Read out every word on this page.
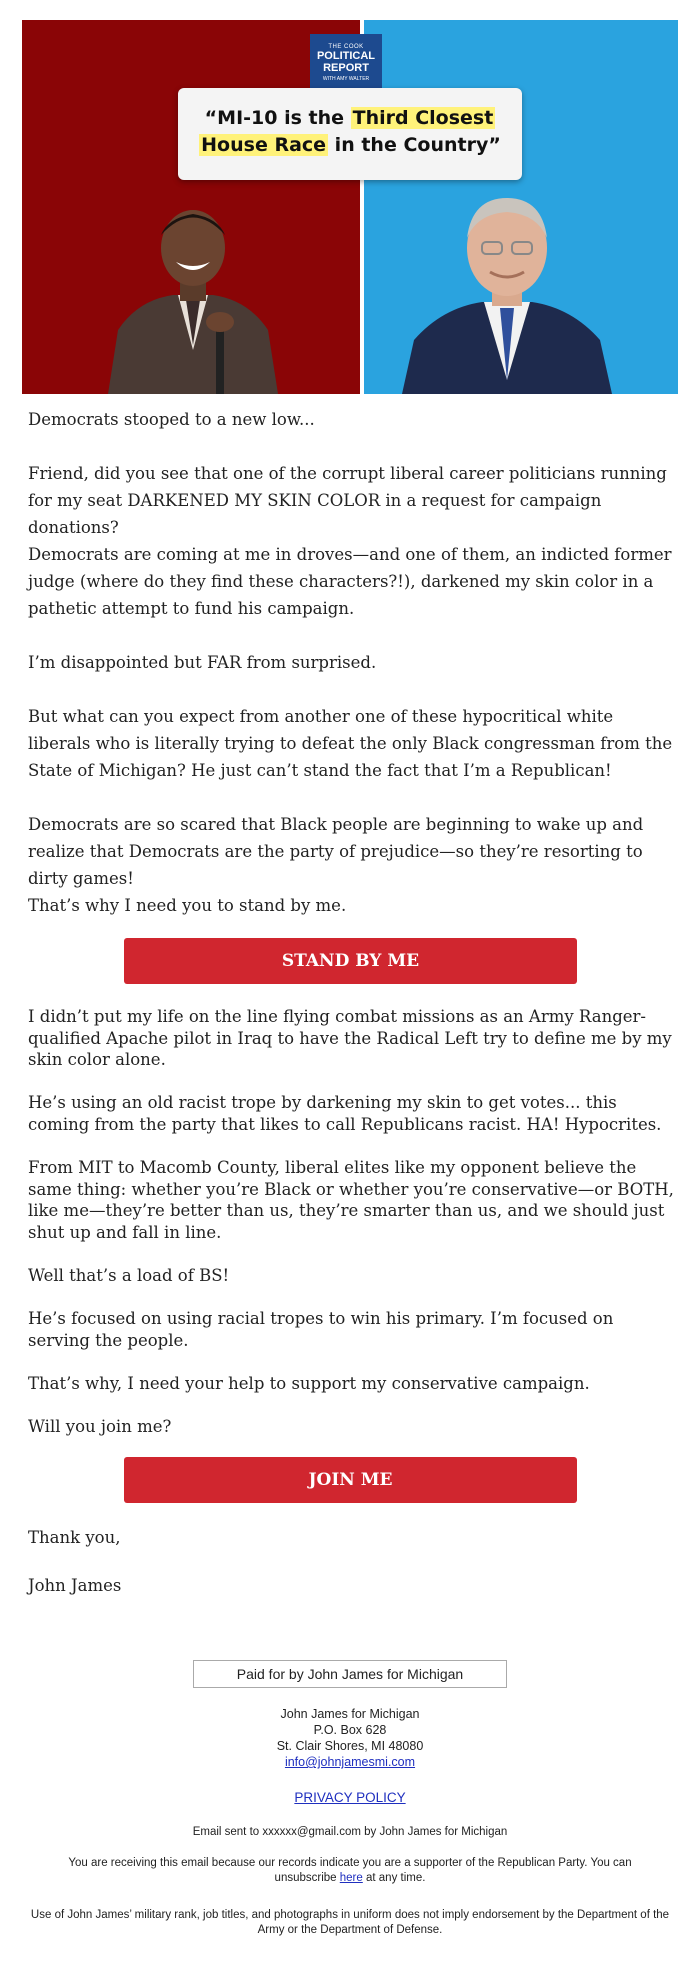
THE COOK
POLITICAL
REPORT
WITH AMY WALTER
“MI-10 is the Third Closest
House Race in the Country”
Democrats stooped to a new low...
Friend, did you see that one of the corrupt liberal career politicians running for my seat DARKENED MY SKIN COLOR in a request for campaign donations?
Democrats are coming at me in droves—and one of them, an indicted former judge (where do they find these characters?!), darkened my skin color in a pathetic attempt to fund his campaign.
I’m disappointed but FAR from surprised.
But what can you expect from another one of these hypocritical white liberals who is literally trying to defeat the only Black congressman from the State of Michigan? He just can’t stand the fact that I’m a Republican!
Democrats are so scared that Black people are beginning to wake up and realize that Democrats are the party of prejudice—so they’re resorting to dirty games!
That’s why I need you to stand by me.
STAND BY ME
I didn’t put my life on the line flying combat missions as an Army Ranger-qualified Apache pilot in Iraq to have the Radical Left try to define me by my skin color alone.
He’s using an old racist trope by darkening my skin to get votes... this coming from the party that likes to call Republicans racist. HA! Hypocrites.
From MIT to Macomb County, liberal elites like my opponent believe the same thing: whether you’re Black or whether you’re conservative—or BOTH, like me—they’re better than us, they’re smarter than us, and we should just shut up and fall in line.
Well that’s a load of BS!
He’s focused on using racial tropes to win his primary. I’m focused on serving the people.
That’s why, I need your help to support my conservative campaign.
Will you join me?
JOIN ME
Thank you,
John James
Paid for by John James for Michigan
John James for Michigan
P.O. Box 628
St. Clair Shores, MI 48080
info@johnjamesmi.com
PRIVACY POLICY
Email sent to xxxxxx@gmail.com by John James for Michigan
You are receiving this email because our records indicate you are a supporter of the Republican Party. You can unsubscribe here at any time.
Use of John James’ military rank, job titles, and photographs in uniform does not imply endorsement by the Department of the Army or the Department of Defense.
